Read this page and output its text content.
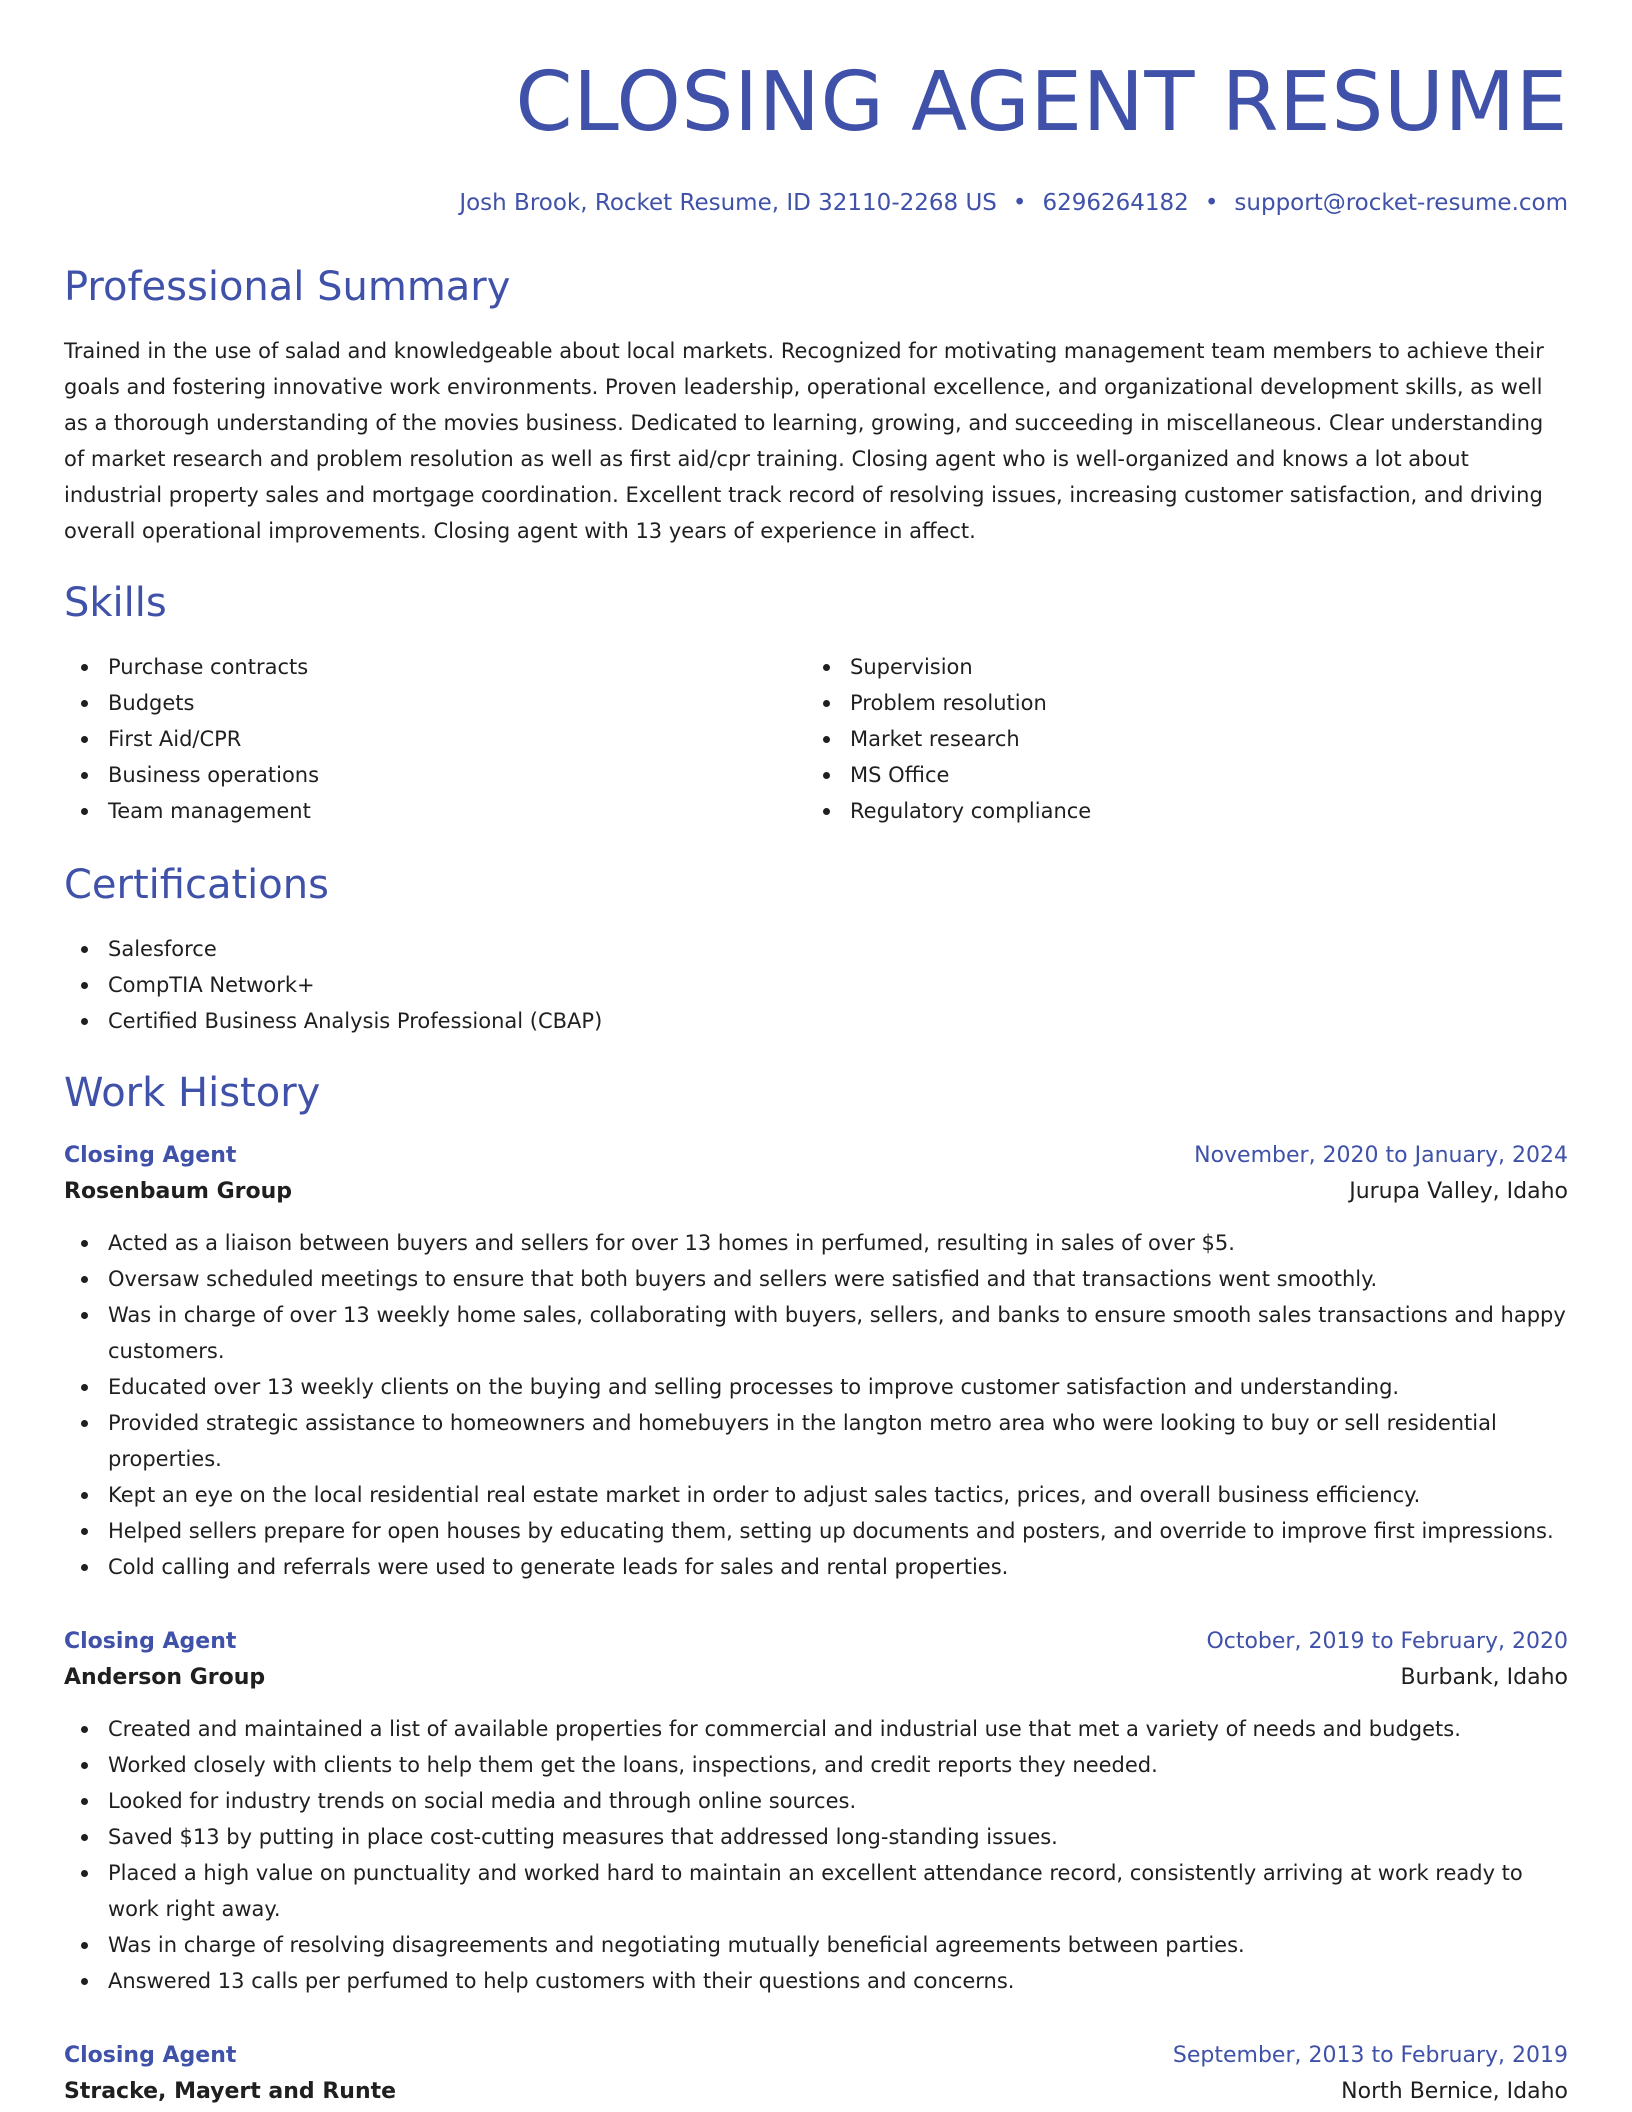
CLOSING AGENT RESUME
Josh Brook, Rocket Resume, ID 32110-2268 US • 6296264182 • support@rocket-resume.com
Professional Summary

Trained in the use of salad and knowledgeable about local markets. Recognized for motivating management team members to achieve their goals and fostering innovative work environments. Proven leadership, operational excellence, and organizational development skills, as well as a thorough understanding of the movies business. Dedicated to learning, growing, and succeeding in miscellaneous. Clear understanding of market research and problem resolution as well as first aid/cpr training. Closing agent who is well-organized and knows a lot about industrial property sales and mortgage coordination. Excellent track record of resolving issues, increasing customer satisfaction, and driving overall operational improvements. Closing agent with 13 years of experience in affect.

Skills
Purchase contracts
Budgets
First Aid/CPR
Business operations
Team management
Supervision
Problem resolution
Market research
MS Office
Regulatory compliance
Certifications
Salesforce
CompTIA Network+
Certified Business Analysis Professional (CBAP)
Work History
Closing Agent	November, 2020 to January, 2024
Rosenbaum Group	Jurupa Valley, Idaho
Acted as a liaison between buyers and sellers for over 13 homes in perfumed, resulting in sales of over $5.
Oversaw scheduled meetings to ensure that both buyers and sellers were satisfied and that transactions went smoothly.
Was in charge of over 13 weekly home sales, collaborating with buyers, sellers, and banks to ensure smooth sales transactions and happy customers.
Educated over 13 weekly clients on the buying and selling processes to improve customer satisfaction and understanding.
Provided strategic assistance to homeowners and homebuyers in the langton metro area who were looking to buy or sell residential properties.
Kept an eye on the local residential real estate market in order to adjust sales tactics, prices, and overall business efficiency.
Helped sellers prepare for open houses by educating them, setting up documents and posters, and override to improve first impressions.
Cold calling and referrals were used to generate leads for sales and rental properties.
Closing Agent	October, 2019 to February, 2020
Anderson Group	Burbank, Idaho
Created and maintained a list of available properties for commercial and industrial use that met a variety of needs and budgets.
Worked closely with clients to help them get the loans, inspections, and credit reports they needed.
Looked for industry trends on social media and through online sources.
Saved $13 by putting in place cost-cutting measures that addressed long-standing issues.
Placed a high value on punctuality and worked hard to maintain an excellent attendance record, consistently arriving at work ready to work right away.
Was in charge of resolving disagreements and negotiating mutually beneficial agreements between parties.
Answered 13 calls per perfumed to help customers with their questions and concerns.
Closing Agent	September, 2013 to February, 2019
Stracke, Mayert and Runte	North Bernice, Idaho
